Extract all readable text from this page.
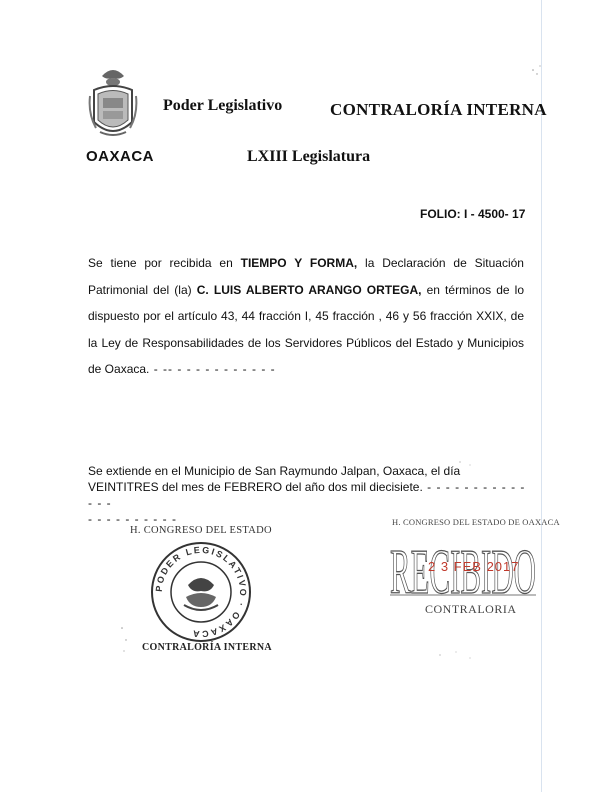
OAXACA
Poder Legislativo	CONTRALORÍA INTERNA
LXIII Legislatura
FOLIO: I - 4500- 17
Se tiene por recibida en TIEMPO Y FORMA, la Declaración de Situación Patrimonial del (la) C. LUIS ALBERTO ARANGO ORTEGA, en términos de lo dispuesto por el artículo 43, 44 fracción I, 45 fracción , 46 y 56 fracción XXIX, de la Ley de Responsabilidades de los Servidores Públicos del Estado y Municipios de Oaxaca. - -- - - - - - - - - - - -
Se extiende en el Municipio de San Raymundo Jalpan, Oaxaca, el día
VEINTITRES del mes de FEBRERO del año dos mil diecisiete. - - - - - - - - - - - - - -
- - - - - - - - - -
H. CONGRESO DEL ESTADO
PODER LEGISLATIVO · OAXACA
CONTRALORÍA INTERNA
H. CONGRESO DEL ESTADO DE OAXACA
RECIBIDO
2 3 FEB 2017
CONTRALORIA
